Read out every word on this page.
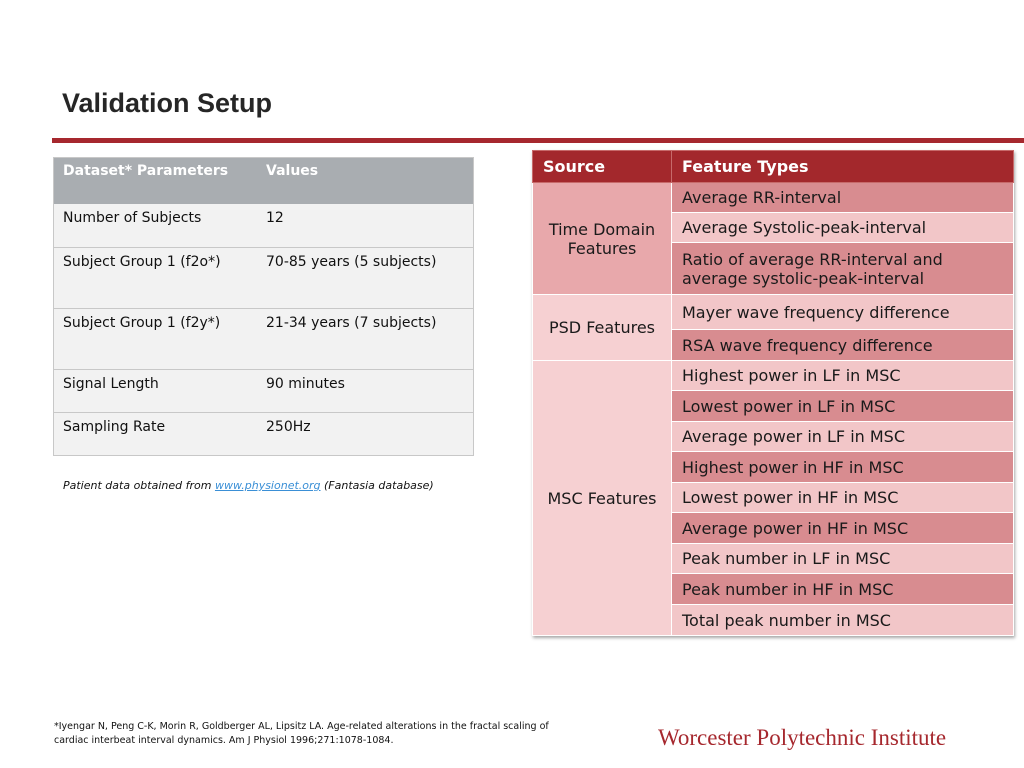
Validation Setup
Dataset* Parameters	Values
Number of Subjects	12
Subject Group 1 (f2o*)	70-85 years (5 subjects)
Subject Group 1 (f2y*)	21-34 years (7 subjects)
Signal Length	90 minutes
Sampling Rate	250Hz
Patient data obtained from www.physionet.org (Fantasia database)
Source	Feature Types
Time Domain Features	Average RR-interval
	Average Systolic-peak-interval
	Ratio of average RR-interval and average systolic-peak-interval
PSD Features	Mayer wave frequency difference
	RSA wave frequency difference
MSC Features	Highest power in LF in MSC
	Lowest power in LF in MSC
	Average power in LF in MSC
	Highest power in HF in MSC
	Lowest power in HF in MSC
	Average power in HF in MSC
	Peak number in LF in MSC
	Peak number in HF in MSC
	Total peak number in MSC
*Iyengar N, Peng C-K, Morin R, Goldberger AL, Lipsitz LA. Age-related alterations in the fractal scaling of cardiac interbeat interval dynamics. Am J Physiol 1996;271:1078-1084.	Worcester Polytechnic Institute
